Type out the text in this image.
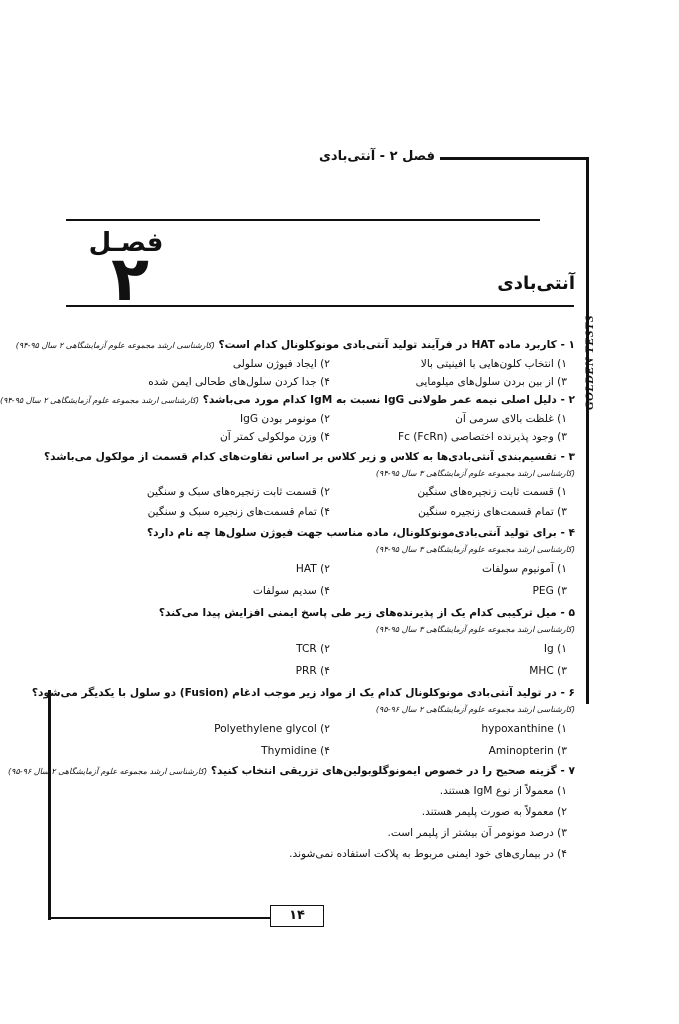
فصل ۲ - آنتی‌بادی
GOLDEN TESTS
فصـل
۲	آنتی‌بادی
۱ - کاربرد ماده HAT در فرآیند تولید آنتی‌بادی مونوکلونال کدام است؟ (کارشناسی ارشد مجموعه علوم آزمایشگاهی ۲ سال ۹۵-۹۴)
۱) انتخاب کلون‌هایی با افینیتی بالا
۲) ایجاد فیوژن سلولی
۳) از بین بردن سلول‌های میلومایی
۴) جدا کردن سلول‌های طحالی ایمن شده
۲ - دلیل اصلی نیمه عمر طولانی IgG نسبت به IgM کدام مورد می‌باشد؟ (کارشناسی ارشد مجموعه علوم آزمایشگاهی ۲ سال ۹۵-۹۴)
۱) غلظت بالای سرمی آن
۲) مونومر بودن IgG
۳) وجود پذیرنده اختصاصی Fc (FcRn)
۴) وزن مولکولی کمتر آن
۳ - تقسیم‌بندی آنتی‌بادی‌ها به کلاس و زیر کلاس بر اساس تفاوت‌های کدام قسمت از مولکول می‌باشد؟
(کارشناسی ارشد مجموعه علوم آزمایشگاهی ۳ سال ۹۵-۹۴)
۱) قسمت ثابت زنجیره‌های سنگین
۲) قسمت ثابت زنجیره‌های سبک و سنگین
۳) تمام قسمت‌های زنجیره سنگین
۴) تمام قسمت‌های زنجیره سبک و سنگین
۴ - برای تولید آنتی‌بادی‌مونوکلونال، ماده مناسب جهت فیوژن سلول‌ها چه نام دارد؟
(کارشناسی ارشد مجموعه علوم آزمایشگاهی ۳ سال ۹۵-۹۴)
۱) آمونیوم سولفات
۲) HAT
۳) PEG
۴) سدیم سولفات
۵ - میل ترکیبی کدام یک از پذیرنده‌های زیر طی پاسخ ایمنی افزایش پیدا می‌کند؟
(کارشناسی ارشد مجموعه علوم آزمایشگاهی ۳ سال ۹۵-۹۴)
۱) Ig
۲) TCR
۳) MHC
۴) PRR
۶ - در تولید آنتی‌بادی مونوکلونال کدام یک از مواد زیر موجب ادغام (Fusion) دو سلول با یکدیگر می‌شود؟
(کارشناسی ارشد مجموعه علوم آزمایشگاهی ۲ سال ۹۶-۹۵)
۱) hypoxanthine
۲) Polyethylene glycol
۳) Aminopterin
۴) Thymidine
۷ - گزینه صحیح را در خصوص ایمونوگلوبولین‌های تزریقی انتخاب کنید؟ (کارشناسی ارشد مجموعه علوم آزمایشگاهی ۲ سال ۹۶-۹۵)
۱) معمولاً از نوع IgM هستند.
۲) معمولاً به صورت پلیمر هستند.
۳) درصد مونومر آن بیشتر از پلیمر است.
۴) در بیماری‌های خود ایمنی مربوط به پلاکت استفاده نمی‌شوند.
۱۴
